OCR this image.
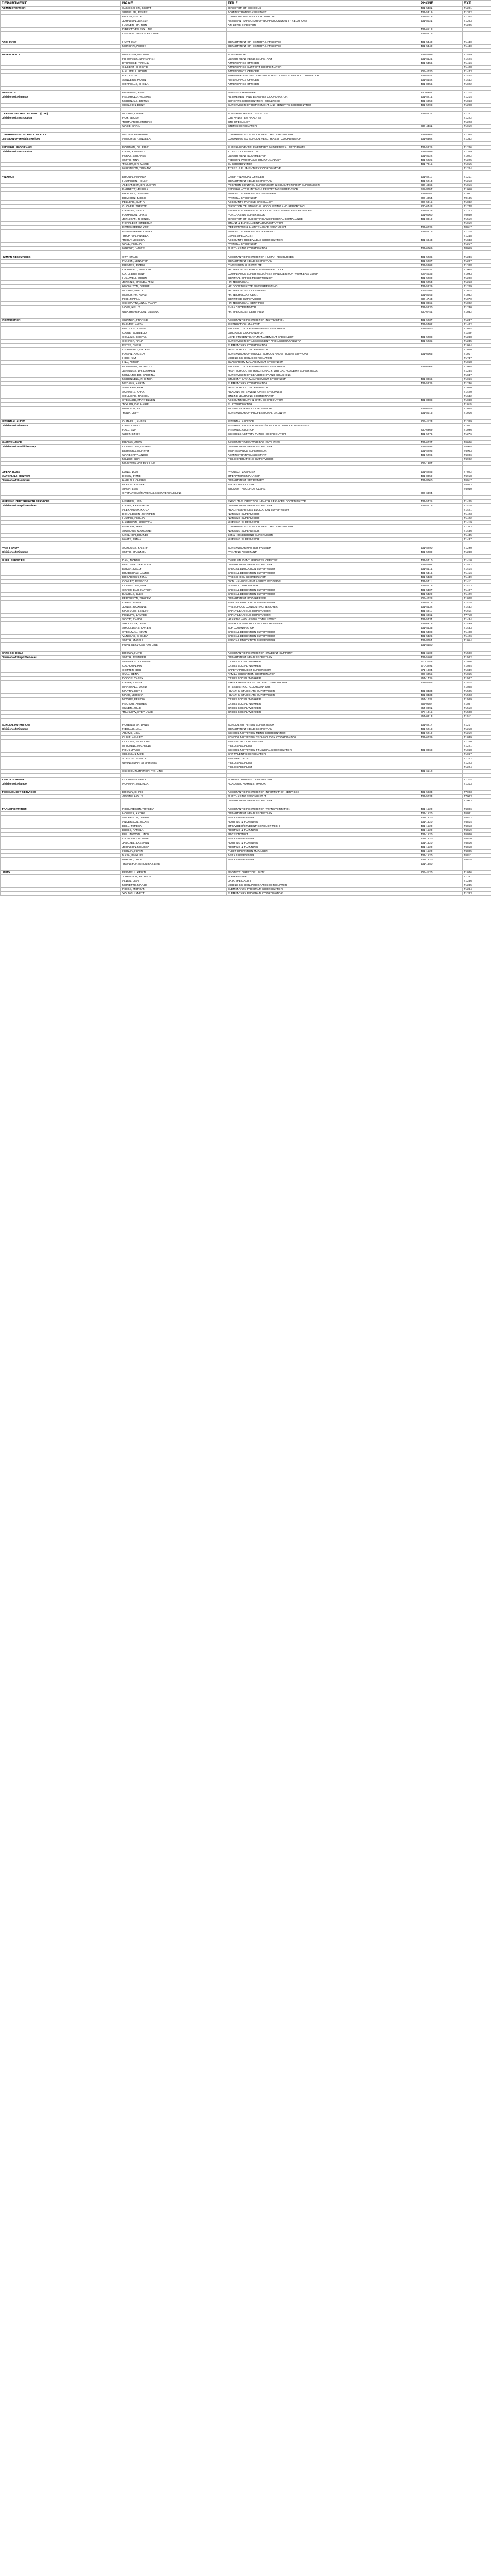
DEPARTMENT	NAME	TITLE	PHONE	EXT
ADMINISTRATION	SAMOSKI DR., SCOTT	DIRECTOR OF SCHOOLS	431-5401	71201
	SPINGLER, RENEE	ADMINISTRATIVE ASSISTANT	431-5319	71202
	FLOOD, KELLY	COMMUNICATIONS COORDINATOR	431-5013	71204
	JOHNSON, JEREMY	ASSISTANT DIRECTOR OF BOARD/COMMUNITY RELATIONS	431-8021	71203
	HARVER, DR. RON	ATHLETIC DIRECTOR		71205
	DIRECTOR'S FAX LINE		431-6518	
	CENTRAL OFFICE FAX LINE		431-5216	

ARCHIVES	HURT, KAY	DEPARTMENT OF HISTORY & ARCHIVES	431-5440	71440
	MORGAN, PEGGY	DEPARTMENT OF HISTORY & ARCHIVES	431-5440	71440

ATTENDANCE	WEBSTER, MELANIE	SUPERVISOR	431-5409	71409
	FITZWATER, MARGARET	DEPARTMENT HEAD SECRETARY	431-5424	71424
	ETHRIDGE, TIFFANY	ATTENDANCE OFFICER	431-5456	71456
	GILBERT, CHRISTIE	ATTENDANCE SUPPORT COORDINATOR		71428
	HALLWELL, ROBIN	ATTENDANCE OFFICER	206-4030	71443
	RAY, KECIA	McKINNEY VENTO COORDINATOR/STUDENT SUPPORT COUNSELOR	431-5444	71444
	SANDERS, ROBIN	ATTENDANCE OFFICER	431-5442	71442
	SORRELLS, SHEILA	ATTENDANCE OFFICER	431-8056	71022

BENEFITS	BUSHONG, EARL	BENEFITS MANAGER	230-6951	71274
Division of: Finance	HELMHOLD, VALERIE	RETIREMENT AND BENEFITS COORDINATOR	431-5214	71214
	McDONALD, BRITNY	BENEFITS COORDINATOR - WELLNESS	431-6058	71063
	SHELDON, DENA	SUPERVISOR OF RETIREMENT AND BENEFITS COORDINATOR	431-5298	71298

CAREER TECHNICAL EDUC. (CTE)	MOORE, CHASE	SUPERVISOR OF CTE & STEM	431-5227	71227
Division of: Instruction	ROY, BECKY	CTE AND STEM ANALYST		71222
	TURTLAROS, MORIAH	CTE SPECIALIST		71223
	WADE, SARA	STEM COORDINATOR	230-4461	71019

COORDINATED SCHOOL HEALTH	MELVIN, MEREDITH	COORDINATED SCHOOL HEALTH COORDINATOR	431-6365	71365
DIVISION OF Health Services	AMBURGEY, ANGELA	COORDINATED SCHOOL HEALTH ASST. COORDINATOR	431-6362	71362

FEDERAL PROGRAMS	BOWMAN, DR. ERIC	SUPERVISOR of ELEMENTARY AND FEDERAL PROGRAMS	431-5226	71226
Division of: Instruction	GANN, KIMBERLY	TITLE 1 COORDINATOR	431-5209	71209
	PARKS, SUZANNE	DEPARTMENT BOOKKEEPER	431-5022	71022
	SMITH, TINA	FEDERAL PROGRAMS GRANT ANALYST	431-5225	71225
	TAYLOR, DR. MARIE	EL COORDINATOR	431-7015	71015
	WILKINSON, TIFFANY	TITLE 1 & ELEMENTARY COORDINATOR		71224

FINANCE	BROWN, AMANDA	CHIEF FINANCIAL OFFICER	431-5211	71211
	HARRISON, HOLLY	DEPARTMENT HEAD SECRETARY	431-5213	71213
	ALEXANDER, DR. JUSTIN	POSITION CONTROL SUPERVISOR & EDUCATOR PREP SUPERVISOR	230-4866	71016
	BARRETT, MELISSA	FEDERAL ACCOUNTING & REPORTING SUPERVISOR	642-8057	71060
	BRADLEY, TABATHA	PAYROLL SUPERVISOR-CLASSIFIED	431-6057	71057
	EDMISON, JACKIE	PAYROLL SPECIALIST	206-4054	70185
	FELLERS, CATHY	ACCOUNTS PAYABLE SPECIALIST	206-5015	71082
	GLOVER, TREVOR	DIRECTOR OF FINANCIAL ACCOUNTING AND REPORTING	230-6748	71748
	GRAHAM, TRACI	FINANCE SUPERVISOR ACCOUNTS RECEIVABLES & PAYABLES	431-5223	71223
	HARRISON, CHRIS	PURCHASING SUPERVISOR	431-6060	70660
	JERNIGAN, RHONDA	DIRECTOR OF BUDGETING AND FEDERAL COMPLIANCE	431-8019	71519
	NORFLEET, KIMBERLY	GRANT & ENROLLMENT ADMINISTRATOR		71019
	RITTENBERRY, KERI	OPERATIONS & MAINTENANCE SPECIALIST	431-6036	70017
	RITTENBERRY, TERRY	PAYROLL SUPERVISOR-CERTIFIED	431-5215	71215
	THORTON, ANGELA	LEAVE SPECIALIST		71248
	TROUT, JESSICA	ACCOUNTS RECEIVABLE COORDINATOR	431-6043	71043
	WALL, ASHLEY	PAYROLL SPECIALIST		71217
	WRIGHT, JANICE	PURCHASING COORDINATOR	431-6069	70069

HUMAN RESOURCES	OTT, CRAIG	ASSISTANT DIRECTOR FOR HUMAN RESOURCES	431-5236	71236
	RUNION, JENNIFER	DEPARTMENT HEAD SECRETARY	431-5207	71207
	BREWER, ROBIN	CLASSIFIED SUBSTITUTE	431-5208	71208
	CRANDALL, PATRICIA	HR SPECIALIST FOR SUBS/NON FACULTY	431-8037	71005
	CATO, BRITTANY	COMPLIANCE SUPERVISOR/RISK MANAGER FOR WORKER'S COMP	206-4035	71093
	HALLWELL, ROBIN	CENTRAL OFFICE RECEPTIONIST	431-5200	71200
	JENKINS, BRENDA ANN	HR TECHNICIAN	431-5253	71253
	KNOWLTON, DEBBIE	HR COORDINATOR FINGERPRINTING	431-5229	71229
	MOORE, SPELA	HR SPECIALIST CLASSIFIED	206-4105	71014
	McMURTRY, ADAM	HR TECHNICIAN CERT.	431-8045	71082
	PIKE, MARLA	CERTIFIED SUPERVISOR	230-4743	71070
	SCHWARTZ, ANNA "FAYE"	HR TECHNICIAN CERTIFIED	431-8065	71002
	VOSS, KELLY	FMLA COORDINATOR	431-5230	71230
	WEATHERSPOON, GENEVA	HR SPECIALIST CERTIFIED	230-6744	71032

INSTRUCTION	SKINNER, FRANKIE	ASSISTANT DIRECTOR FOR INSTRUCTION	431-5237	71237
	PALMER, ANITA	INSTRUCTION ANALYST	431-5402	71402
	BULLOCK, TESSA	STUDENT DATA MANAGEMENT SPECIALIST	431-5280	71044
	CAINE, BOBBIE JO	GUIDANCE COORDINATOR		71189
	COLLINS, CHERYL	LEAD STUDENT DATA MANAGEMENT SPECIALIST	431-5288	71288
	CONNER, ANNA	SUPERVISOR OF ASSESSMENT AND ACCOUNTABILITY	431-5235	71235
	ESTEP, CHERI	ELEMENTARY COORDINATOR		71064
	GERMANEY, DR. KIM	HIGH SCHOOL COORDINATOR		71020
	HAGAN, ANGELA	SUPERVISOR OF MIDDLE SCHOOL AND STUDENT SUPPORT	431-6065	71017
	HIGH, KIM	MIDDLE SCHOOL COORDINATOR		71747
	HILL, AMBER	CLASSROOM MANAGEMENT SPECIALIST		71058
	ROBINSON, MICHELLE	STUDENT DATA MANAGEMENT SPECIALIST	431-6063	71068
	JENNINGS, DR. DARREN	HIGH SCHOOL INSTRUCTIONAL & VIRTUAL ACADEMY SUPERVISOR		71284
	MOLLARD, DR. SABRINA	SUPERVISOR OF LEADERSHIP AND COACHING		71047
	McDONNELL, RHONDA	STUDENT DATA MANAGEMENT SPECIALIST	431-8066	71066
	MEDANA, KAREN	ELEMENTARY COORDINATOR	431-5236	71236
	SANDERS, PAM	HIGH SCHOOL COORDINATOR		71040
	SCHNATZ, KARA	READING INTERVENTIONIST SPECIALIST		71420
	SOULIERE, RACHEL	ONLINE LEARNING COORDINATOR		71642
	STEWARD, MARY ELLEN	ACCOUNTABILITY & DATA COORDINATOR	431-8088	71088
	TAYLOR, DR. MARIE	EL COORDINATOR		71015
	WHITTON, AJ	MIDDLE SCHOOL COORDINATOR	431-6045	71045
	YAWN, JEFF	SUPERVISOR OF PROFESSIONAL GROWTH	431-8016	71016

INTERNAL AUDIT	OUTHELL, AMBER	INTERNAL AUDITOR	206-4123	71209
Division of: Finance	DAVE, DAVID	INTERNAL AUDITOR ASSIST/SCHOOL ACTIVITY FUNDS ASSIST		71027
	HALL, EVA	INTERNAL AUDITOR	230-6969	71096
	WEST, CINDY	SCHOOLS ACTIVITY FUNDS COORDINATOR	431-5276	71276

MAINTENANCE	BROWN, ANDY	ASSISTANT DIRECTOR FOR FACILITIES	431-6037	76606
Division of: Facilities Dept.	COVINGTON, DEBBIE	DEPARTMENT HEAD SECRETARY	431-5298	76905
	BERNARD, MURPHY	MAINTENANCE SUPERVISOR	431-5295	76903
	WARBERRY, ANGIE	ADMINISTRATIVE ASSISTANT	431-5296	76006
	MILLER, BEN	FIELD OPERATIONS SUPERVISOR		76902
	MAINTENANCE FAX LINE		206-1987	

OPERATIONS	LONG, DON	PROJECT MANAGER	431-5255	77022
MATERIALS CENTER	DOWN, JAMIE	OPERATIONS MANAGER	431-8059	76918
Division of: Facilities	KARLALI, CHERYL	DEPARTMENT SECRETARY	431-8060	76917
	BOGUE, KELSEY	SECRETARY/CLERK		76923
	SPAIN, LISA	STUDENT RECORDS CLERK		76940
	OPERATIONS/MATERIALS CENTER FAX LINE		206-6894	

NURSING DEPT./HEALTH SERVICES	HERREN, LISA	EXECUTIVE DIRECTOR HEALTH SERVICES COORDINATOR	431-5425	71425
Division of: Pupil Services	CASEY, KERRIBETH	DEPARTMENT HEAD SECRETARY	431-5418	71418
	ALEXANDER, KAYLA	HEALTH SERVICES EDUCATION SUPERVISOR		71421
	DONALDSON, JENNIFER	NURSING SUPERVISOR		71423
	HARRIS, ASHLEY	NURSING SUPERVISOR		71422
	HARRISON, REBECCA	NURSING SUPERVISOR		71419
	HERDER, TERI	COORDINATED SCHOOL HEALTH COORDINATOR		71363
	SIMMONS, MARGARET	NURSING SUPERVISOR		71436
	URELHOR, BRANDI	504 & HOMEBOUND SUPERVISOR		71435
	WHITE, EMMA	NURSING SUPERVISOR		71437

PRINT SHOP	SCRUGGS, KRISTY	SUPERVISOR MASTER PRINTER	431-5290	71290
Division of: Finance	SMITH, BRANNON	PRINTING ASSISTANT	431-5289	71288

PUPIL SERVICES	DAM, NORMA	CHIEF STUDENT SERVICES OFFICER	431-5410	71410
	BELCHER, DEBORAH	DEPARTMENT HEAD SECRETARY	431-5402	71402
	BAKER, KELLY	SPECIAL EDUCATION SUPERVISOR	431-5414	71414
	BRADSHAW, LAURIE	SPECIAL EDUCATION SUPERVISOR	431-5416	71416
	BROADRICK, NINA	PRESCHOOL COORDINATOR	431-5439	71439
	CONLEY, REBECCA	DATA MANAGEMENT & SPED RECORDS	431-5411	71411
	COVINGTON, AMY	VISION COORDINATOR	431-5413	71413
	CRAIGHEAD, KAYREN	SPECIAL EDUCATION SUPERVISOR	431-5407	71407
	DANIELS, JULIE	SPECIAL EDUCATION SUPERVISOR	431-5429	71429
	FERGUSON, TRACEY	DEPARTMENT BOOKKEEPER	206-4028	71028
	GIBBS, JENNY	SPECIAL EDUCATION SUPERVISOR	431-5415	71415
	JONES, ROXANNE	PRESCHOOL CONSULTING TEACHER	431-5432	71432
	MACHADO, LESLEY	EARLY LEARNING SUPERVISOR	431-6911	71911
	PHILLIPS, LAUREE	EARLY LEARNING SUPERVISOR	431-6061	77718
	SCOTT, CAROL	HEARING AND VISION CONSULTANT	431-5434	71434
	SHOCKLEY, LYNN	PRE-K TECHNICAL CLERK/BOOKKEEPER	431-6913	71499
	SHOULDERS, KAREN	SLP COORDINATOR	431-5433	71433
	STEELMAN, KEVIN	SPECIAL EDUCATION SUPERVISOR	431-5408	71408
	VANESAS, SHELBY	SPECIAL EDUCATION SUPERVISOR	431-5426	71426
	SMITH, ANGELA	SPECIAL EDUCATION SUPERVISOR	431-8054	71054
	PUPIL SERVICES FAX LINE		431-5480	

SAFE SCHOOLS	BROWN, KATIE	ASSISTANT DIRECTOR FOR STUDENT SUPPORT	431-6500	71500
Division of: Pupil Services	SMITH, JENNIFER	DEPARTMENT HEAD SECRETARY	431-5502	71502
	ADENAKE, JULIANNA	CRISIS SOCIAL WORKER	670-2043	71506
	CALHOUN, KIM	CRISIS SOCIAL WORKER	670-3294	71504
	COTTER, BOB	SAFETY PROJECT SUPERVISOR	571-1004	71049
	CULL, DENA	FAMILY EDUCATION COORDINATOR	206-6055	71055
	DODGE, CASEY	CRISIS SOCIAL WORKER	854-1735	71507
	GRAFF, CATHY	FAMILY RESOURCE CENTER COORDINATOR	431-8085	71514
	MARSHALL, DAVID	MTSS DISTRICT COORDINATOR		71508
	MARTIN, BETH	HEALTHY STUDENTS SUPERVISOR	431-8433	71505
	MAYO, JERICKA	HEALTHY STUDENTS SUPERVISOR	431-8433	71503
	MOORE, FELICIA	CRISIS SOCIAL WORKER	854-1031	71509
	RECTOR, ANDREA	CRISIS SOCIAL WORKER	854-0087	71507
	SILVER, JULIE	CRISIS SOCIAL WORKER	854-0091	71510
	TRAKLOW, STEPHANIE	CRISIS SOCIAL WORKER	878-1015	71508
			554-0813	71511

SCHOOL NUTRITION	ROTENSTEN, DAWN	SCHOOL NUTRITION SUPERVISOR	431-5217	71217
Division of: Finance	NIEHAUS, JILL	DEPARTMENT HEAD SECRETARY	431-5218	71218
	ADAMS, LISA	SCHOOL NUTRITION MENU COORDINATOR	431-5219	71219
	CLINE, ASHLEY	SCHOOL NUTRITION TECHNOLOGY COORDINATOR	431-6039	71039
	COLLINS, NICHOLAS	SNP TECH COORDINATOR		71220
	MITCHELL, MICHELLE	FIELD SPECIALIST		71221
	POLK, JAYCE	SCHOOL NUTRITION FINANCIAL COORDINATOR	431-8068	71068
	SELDMAN, MIKE	SNP TALENT COORDINATOR		71067
	STAGGS, JESSICA	SNP SPECIALIST		71222
	WHINESMAN, STEPHENIE	FIELD SPECIALIST		71223
		FIELD SPECIALIST		71224
	SCHOOL NUTRITION FAX LINE		431-6512	

TEACH SUMMER	GOODARD, EMILY	ADMINISTRATIVE COORDINATOR		71314
Division of: Fiance	NORMAN, MELINDA	ACADEMIC ADMINISTRATOR		71313

TECHNOLOGY SERVICES	BROWN, CHRIS	ASSISTANT DIRECTOR FOR INFORMATION SERVICES	431-5033	77003
	ADKINS, HOLLY	PURCHASING SPECIALIST IT	431-5033	77003
		DEPARTMENT HEAD SECRETARY		77003

TRANSPORTATION	RICHARDSON, TRACEY	ASSISTANT DIRECTOR FOR TRANSPORTATION	431-1520	76806
	HORNER, KATHY	DEPARTMENT HEAD SECRETARY	431-1520	76801
	ANDERSON, DEBBIE	AREA SUPERVISOR	431-1520	76812
	ANDERSON, JACKIE	ROUTING & PLANNING	431-1520	76814
	BELL, TERESA	GPS/VIDEO/STUDENT CONDUCT TECH	431-1520	76813
	BIGGS, PAMELA	ROUTING & PLANNING	431-1520	76819
	BULLINGTON, LINDA	RECEPTIONIST	431-1520	76800
	GILLILAND, DONNIE	AREA SUPERVISOR	431-1520	76810
	JAECKEL, LAEEANN	ROUTING & PLANNING	431-1520	76816
	JOHNSON, MELISSA	ROUTING & PLANNING	431-1520	76818
	KERLEY, KEVIN	FLEET OPERATION MANAGER	431-1520	76805
	NASH, PHYLLIS	AREA SUPERVISOR	431-1520	76811
	WRIGHT, JULIE	AREA SUPERVISOR	431-1520	76815
	TRANSPORTATION FAX LINE		431-1550	

UNITY	BEDWELL, KRISTI	PROJECT DIRECTOR UNITY	206-4120	71046
	JOHNSTON, PATRICIA	BOOKKEEPER		71287
	ALLEN, LISA	DATA SPECIALIST		71286
	MONETTE, MARJO	MIDDLE SCHOOL PROGRAM COORDINATOR		71285
	RIGGS, MORGAN	ELEMENTARY PROGRAM COORDINATOR		71284
	YOUNG, LYNETT	ELEMENTARY PROGRAM COORDINATOR		71283
